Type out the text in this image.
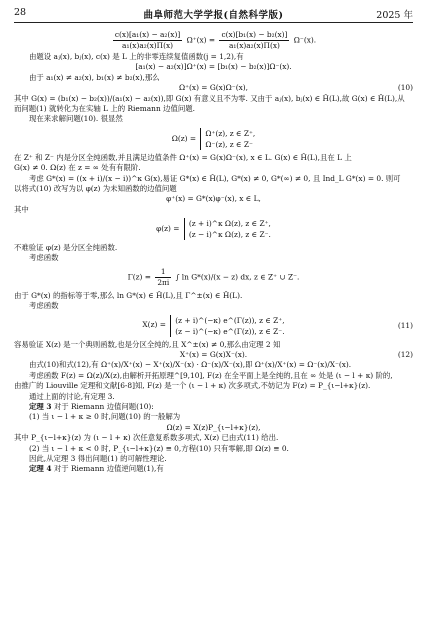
28	曲阜师范大学学报(自然科学版)	2025 年
$\frac{\text{c(x)[a₁(x) − a₂(x)]}}{\text{a₁(x)a₂(x)Π(x)}} \Omega^+(x) = \frac{\text{c(x)[b₁(x) − b₂(x)]}}{\text{a₁(x)a₂(x)Π(x)}} \Omega^-(x)$.
由题设 aⱼ(x), bⱼ(x), c(x) 是 L 上的非零连续复值函数(j = 1,2),有
[a₁(x) − a₂(x)]Ω⁺(x) = [b₁(x) − b₂(x)]Ω⁻(x).
由于 a₁(x) ≠ a₂(x), b₁(x) ≠ b₂(x),那么
Ω⁺(x) = G(x)Ω⁻(x),	(10)
其中 G(x) = (b₁(x) − b₂(x))/(a₁(x) − a₂(x)),即 G(x) 有意义且不为零. 又由于 aⱼ(x), bⱼ(x) ∈ Ĥ(L),故 G(x) ∈ Ĥ(L),从
而问题(1) 就转化为在实轴 L 上的 Riemann 边值问题.
现在来求解问题(10). 很显然
Ω(z) =
Ω⁺(z), z ∈ Z⁺,
Ω⁻(z), z ∈ Z⁻
在 Z⁺ 和 Z⁻ 内是分区全纯函数,并且满足边值条件 Ω⁺(x) = G(x)Ω⁻(x), x ∈ L. G(x) ∈ Ĥ(L),且在 L 上
G(x) ≠ 0. Ω(z) 在 z = ∞ 处有有限阶.
考虑 G*(x) = ((x + i)/(x − i))^κ G(x),易证 G*(x) ∈ Ĥ(L), G*(x) ≠ 0, G*(∞) ≠ 0, 且 Ind_L G*(x) = 0. 则可
以将式(10) 改写为以 φ(z) 为未知函数的边值问题
φ⁺(x) = G*(x)φ⁻(x), x ∈ L,
其中
φ(z) =
(z + i)^κ Ω(z), z ∈ Z⁺,
(z − i)^κ Ω(z), z ∈ Z⁻.
不难验证 φ(z) 是分区全纯函数.
考虑函数
$\Gamma(z) = \frac{1}{2\pi i}$ ∫ ln G*(x)/(x − z) dx, z ∈ Z⁺ ∪ Z⁻.
由于 G*(x) 的指标等于零,那么 ln G*(x) ∈ Ĥ(L),且 Γ^±(x) ∈ Ĥ(L).
考虑函数
X(z) =
(z + i)^(−κ) e^(Γ(z)), z ∈ Z⁺,
(z − i)^(−κ) e^(Γ(z)), z ∈ Z⁻.
(11)
容易验证 X(z) 是一个典则函数,也是分区全纯的,且 X^±(x) ≠ 0,那么由定理 2 知
X⁺(x) = G(x)X⁻(x).	(12)
由式(10)和式(12),有 Ω⁺(x)/X⁺(x) − X⁺(x)/X⁻(x) · Ω⁻(x)/X⁻(x),即 Ω⁺(x)/X⁺(x) = Ω⁻(x)/X⁻(x).
考虑函数 F(z) = Ω(z)/X(z),由解析开拓原理^[9,10], F(z) 在全平面上是全纯的,且在 ∞ 处是 (ι − l + κ) 阶的,
由推广的 Liouville 定理和文献[6-8]知, F(z) 是一个 (ι − l + κ) 次多项式,不妨记为 F(z) = P_{ι−l+κ}(z).
通过上面的讨论,有定理 3.
定理 3 对于 Riemann 边值问题(10):
(1) 当 ι − l + κ ≥ 0 时,问题(10) 的一般解为
Ω(z) = X(z)P_{ι−l+κ}(z),
其中 P_{ι−l+κ}(z) 为 (ι − l + κ) 次任意复系数多项式, X(z) 已由式(11) 给出.
(2) 当 ι − l + κ < 0 时, P_{ι−l+κ}(z) ≡ 0,方程(10) 只有零解,即 Ω(z) ≡ 0.
因此,从定理 3 得出问题(1) 的可解性理论.
定理 4 对于 Riemann 边值逆问题(1),有
